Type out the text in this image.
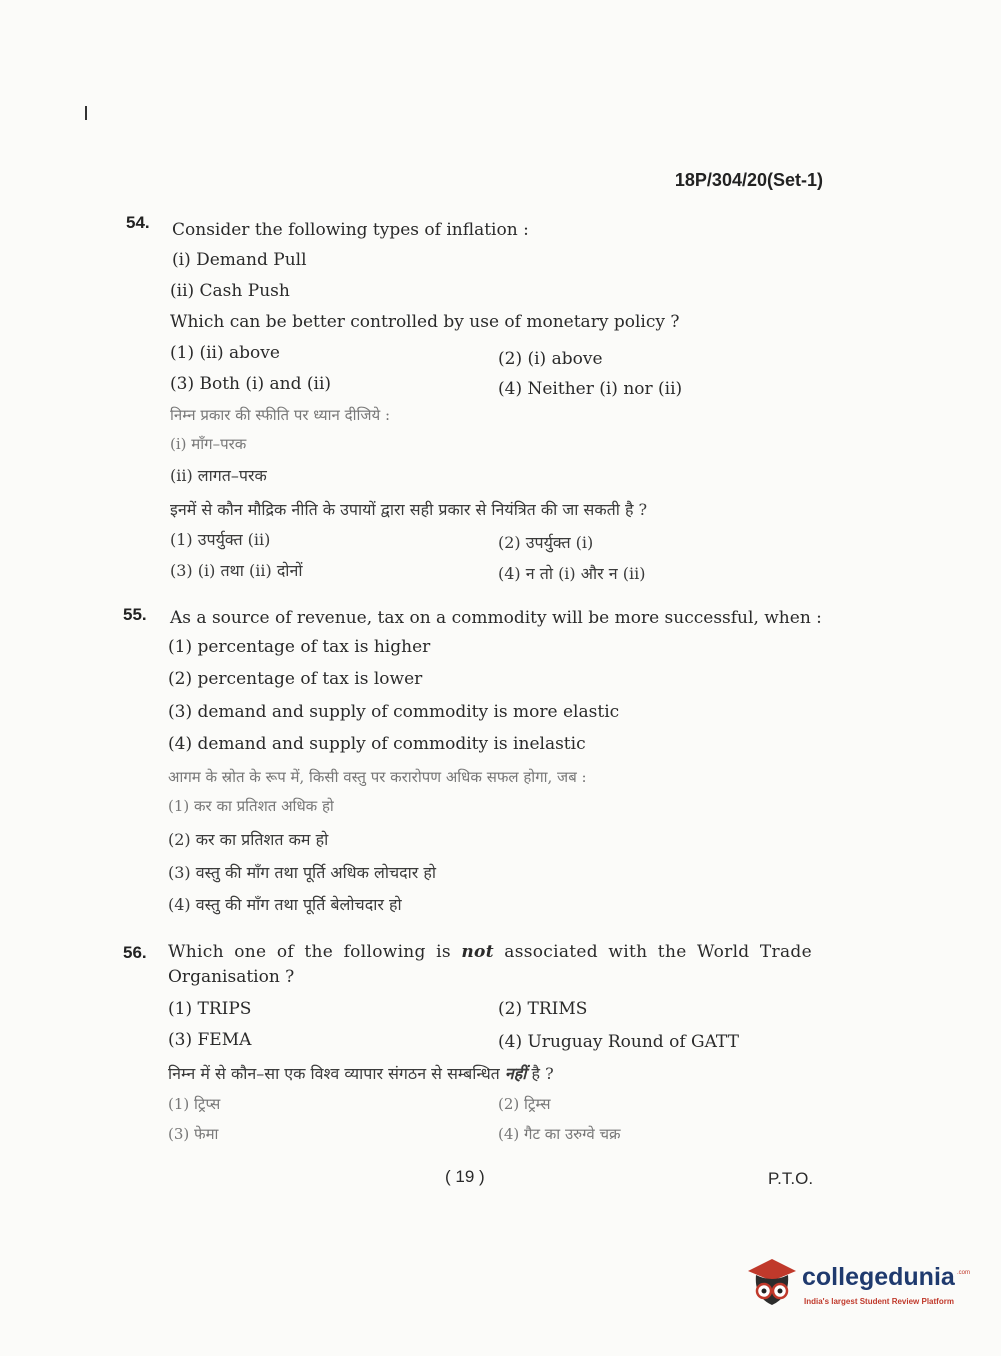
18P/304/20(Set-1)
54. Consider the following types of inflation :
(i) Demand Pull
(ii) Cash Push
Which can be better controlled by use of monetary policy ?
(1) (ii) above	(2) (i) above
(3) Both (i) and (ii)	(4) Neither (i) nor (ii)
निम्न प्रकार की स्फीति पर ध्यान दीजिये :
(i) माँग–परक
(ii) लागत–परक
इनमें से कौन मौद्रिक नीति के उपायों द्वारा सही प्रकार से नियंत्रित की जा सकती है ?
(1) उपर्युक्त (ii)	(2) उपर्युक्त (i)
(3) (i) तथा (ii) दोनों	(4) न तो (i) और न (ii)
55. As a source of revenue, tax on a commodity will be more successful, when :
(1) percentage of tax is higher
(2) percentage of tax is lower
(3) demand and supply of commodity is more elastic
(4) demand and supply of commodity is inelastic
आगम के स्रोत के रूप में, किसी वस्तु पर करारोपण अधिक सफल होगा, जब :
(1) कर का प्रतिशत अधिक हो
(2) कर का प्रतिशत कम हो
(3) वस्तु की माँग तथा पूर्ति अधिक लोचदार हो
(4) वस्तु की माँग तथा पूर्ति बेलोचदार हो
56. Which one of the following is not associated with the World Trade
Organisation ?
(1) TRIPS	(2) TRIMS
(3) FEMA	(4) Uruguay Round of GATT
निम्न में से कौन–सा एक विश्व व्यापार संगठन से सम्बन्धित नहीं है ?
(1) ट्रिप्स	(2) ट्रिम्स
(3) फेमा	(4) गैट का उरुग्वे चक्र
( 19 )	P.T.O.
collegedunia .com
India's largest Student Review Platform
